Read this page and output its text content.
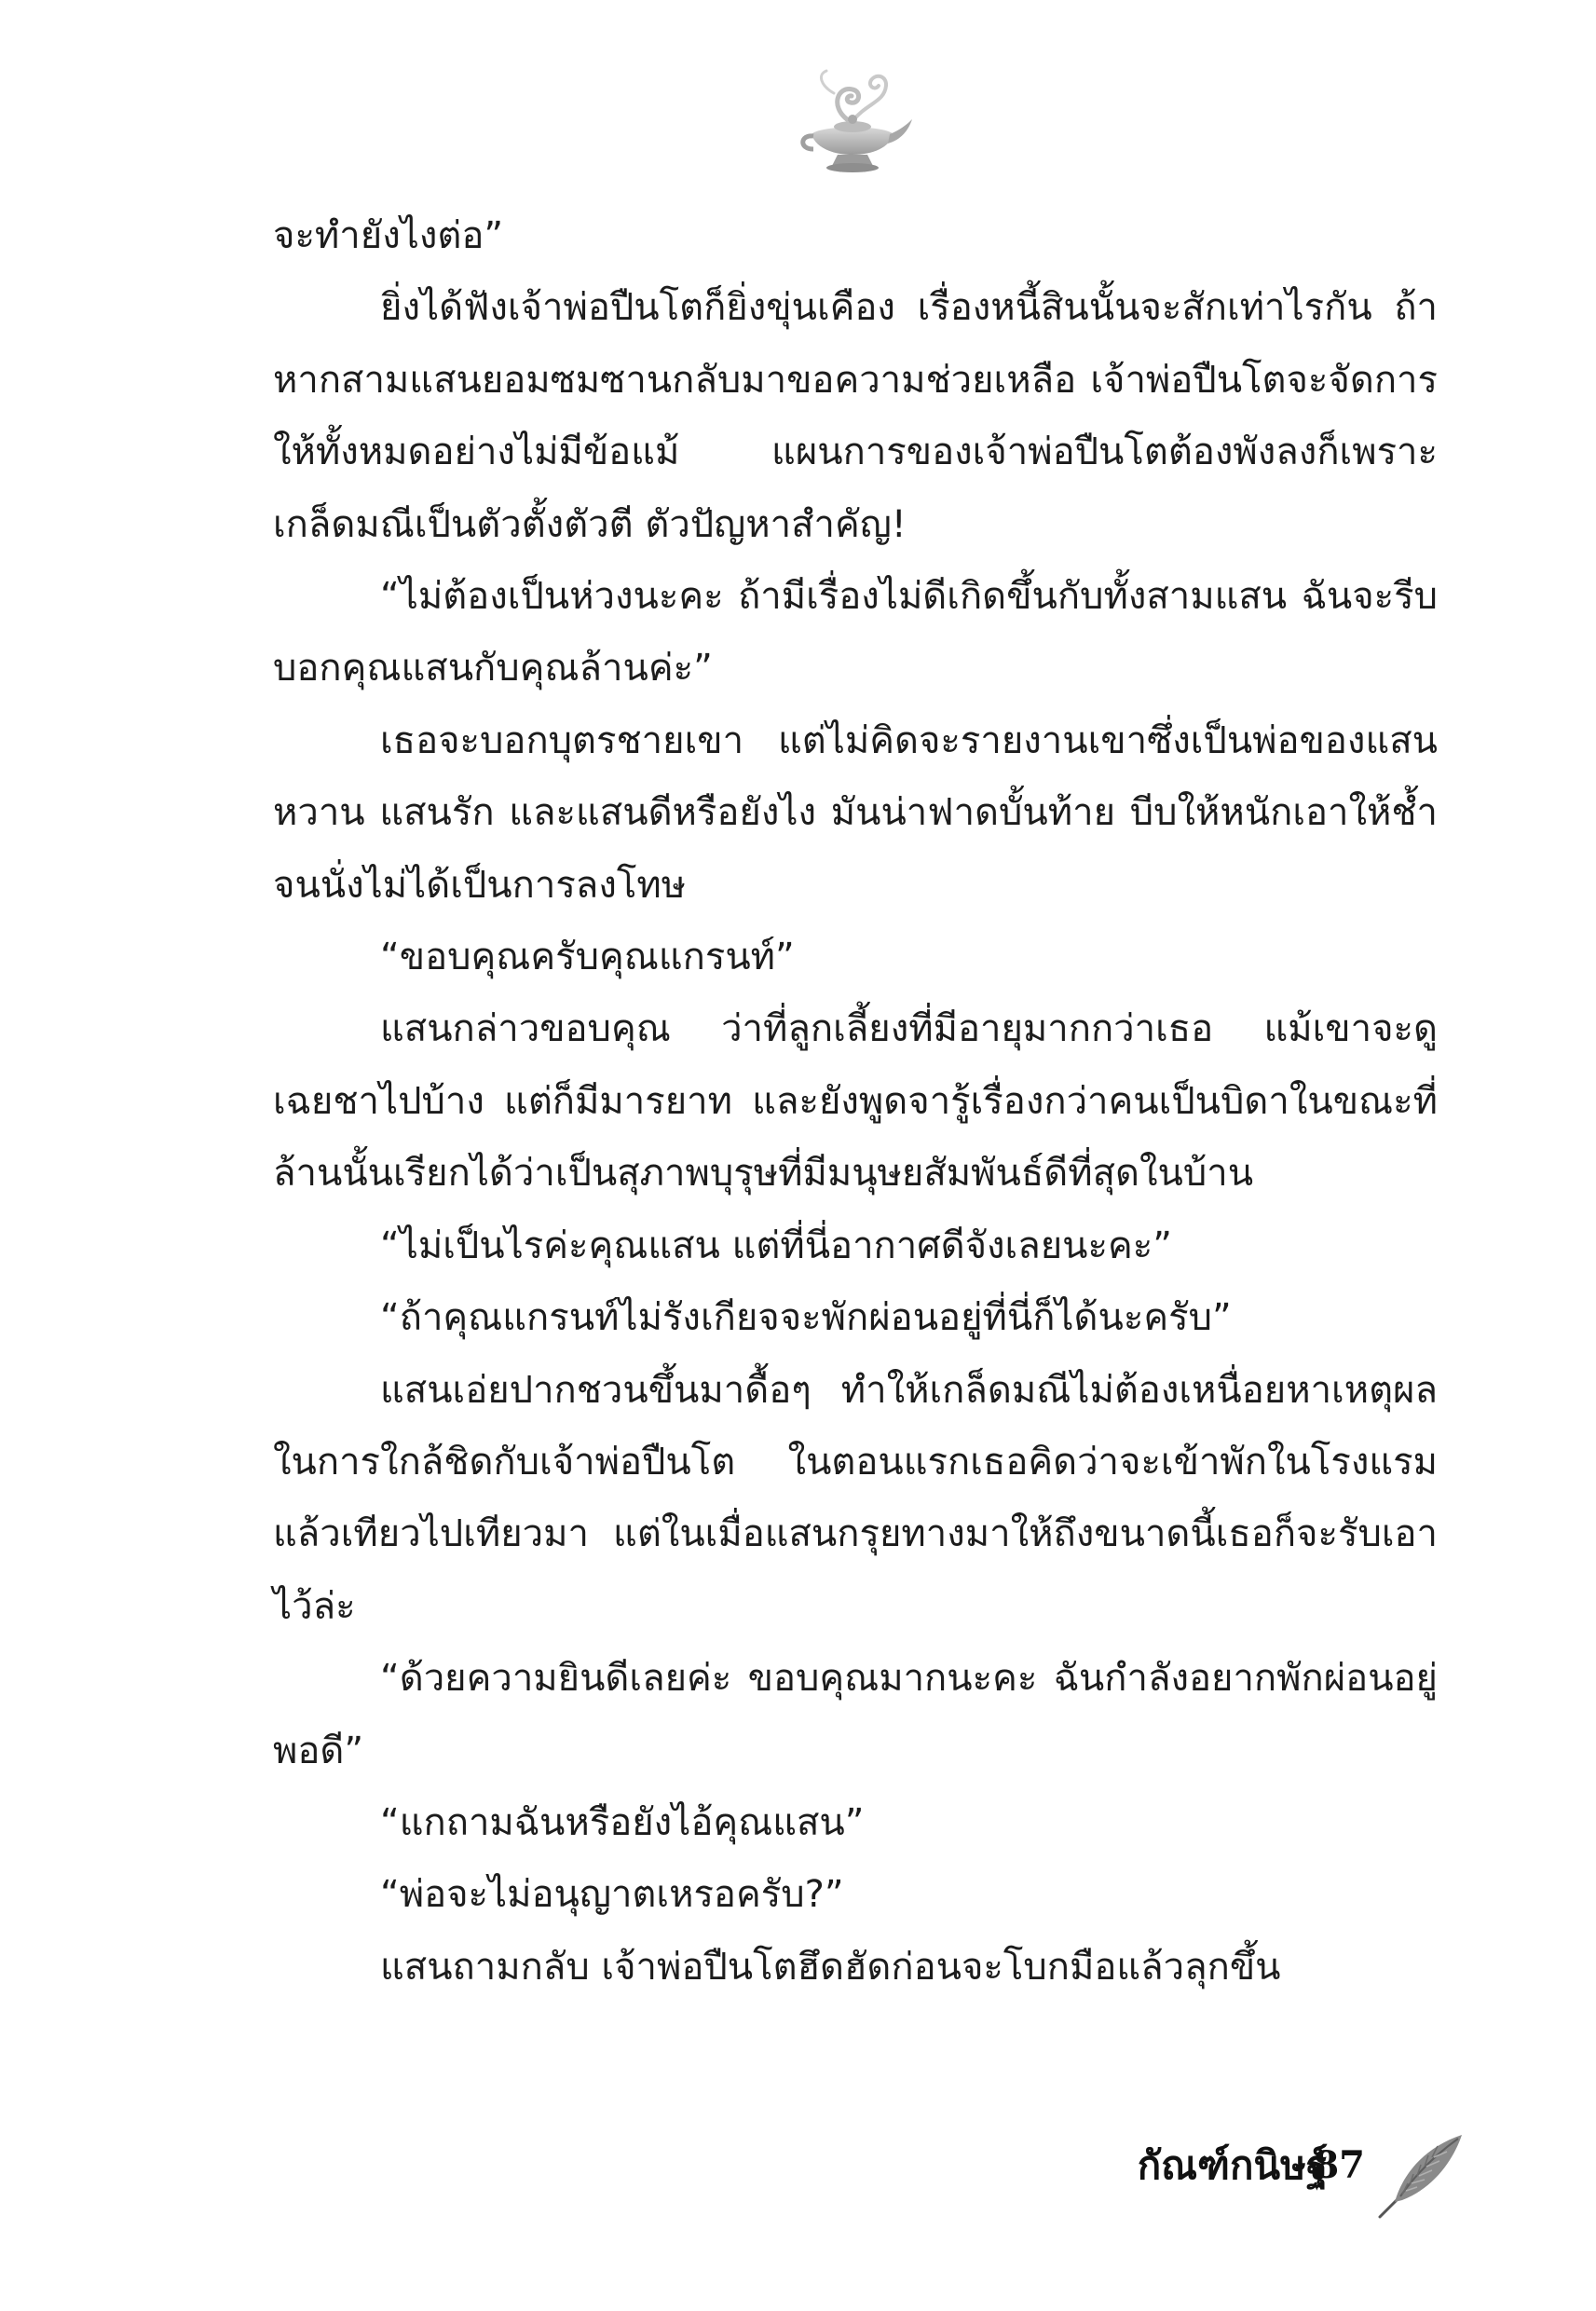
จะทำยังไงต่อ”

ยิ่งได้ฟังเจ้าพ่อปืนโตก็ยิ่งขุ่นเคือง เรื่องหนี้สินนั้นจะสักเท่าไรกัน ถ้าหากสามแสนยอมซมซานกลับมาขอความช่วยเหลือ เจ้าพ่อปืนโตจะจัดการให้ทั้งหมดอย่างไม่มีข้อแม้ แผนการของเจ้าพ่อปืนโตต้องพังลงก็เพราะเกล็ดมณีเป็นตัวตั้งตัวตี ตัวปัญหาสำคัญ!

“ไม่ต้องเป็นห่วงนะคะ ถ้ามีเรื่องไม่ดีเกิดขึ้นกับทั้งสามแสน ฉันจะรีบบอกคุณแสนกับคุณล้านค่ะ”

เธอจะบอกบุตรชายเขา แต่ไม่คิดจะรายงานเขาซึ่งเป็นพ่อของแสนหวาน แสนรัก และแสนดีหรือยังไง มันน่าฟาดบั้นท้าย บีบให้หนักเอาให้ช้ำจนนั่งไม่ได้เป็นการลงโทษ

“ขอบคุณครับคุณแกรนท์”

แสนกล่าวขอบคุณ ว่าที่ลูกเลี้ยงที่มีอายุมากกว่าเธอ แม้เขาจะดูเฉยชาไปบ้าง แต่ก็มีมารยาท และยังพูดจารู้เรื่องกว่าคนเป็นบิดาในขณะที่ล้านนั้นเรียกได้ว่าเป็นสุภาพบุรุษที่มีมนุษยสัมพันธ์ดีที่สุดในบ้าน

“ไม่เป็นไรค่ะคุณแสน แต่ที่นี่อากาศดีจังเลยนะคะ”

“ถ้าคุณแกรนท์ไม่รังเกียจจะพักผ่อนอยู่ที่นี่ก็ได้นะครับ”

แสนเอ่ยปากชวนขึ้นมาดื้อๆ ทำให้เกล็ดมณีไม่ต้องเหนื่อยหาเหตุผลในการใกล้ชิดกับเจ้าพ่อปืนโต ในตอนแรกเธอคิดว่าจะเข้าพักในโรงแรมแล้วเทียวไปเทียวมา แต่ในเมื่อแสนกรุยทางมาให้ถึงขนาดนี้เธอก็จะรับเอาไว้ล่ะ

“ด้วยความยินดีเลยค่ะ ขอบคุณมากนะคะ ฉันกำลังอยากพักผ่อนอยู่พอดี”

“แกถามฉันหรือยังไอ้คุณแสน”

“พ่อจะไม่อนุญาตเหรอครับ?”

แสนถามกลับ เจ้าพ่อปืนโตฮึดฮัดก่อนจะโบกมือแล้วลุกขึ้น

กัณฑ์กนิษฐ์
87
